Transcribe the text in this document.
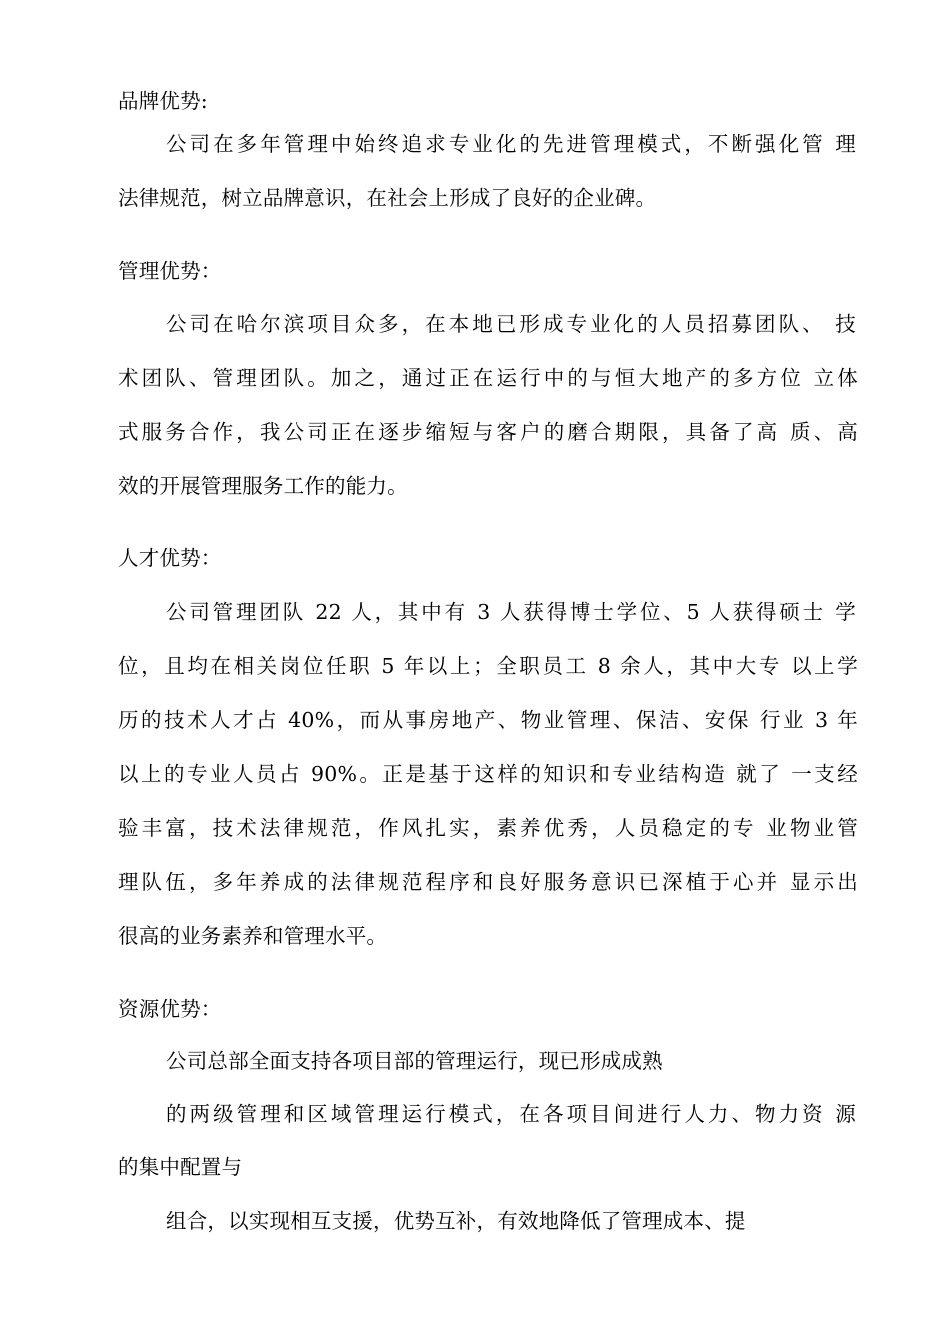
品牌优势:
公司在多年管理中始终追求专业化的先进管理模式，不断强化管 理
法律规范，树立品牌意识，在社会上形成了良好的企业碑。
管理优势：
公司在哈尔滨项目众多，在本地已形成专业化的人员招募团队、 技
术团队、管理团队。加之，通过正在运行中的与恒大地产的多方位 立体
式服务合作，我公司正在逐步缩短与客户的磨合期限，具备了高 质、高
效的开展管理服务工作的能力。
人才优势：
公司管理团队 22 人，其中有 3 人获得博士学位、5 人获得硕士 学
位，且均在相关岗位任职 5 年以上；全职员工 8 余人，其中大专 以上学
历的技术人才占 40%，而从事房地产、物业管理、保洁、安保 行业 3 年
以上的专业人员占 90%。正是基于这样的知识和专业结构造 就了 一支经
验丰富，技术法律规范，作风扎实，素养优秀，人员稳定的专 业物业管
理队伍，多年养成的法律规范程序和良好服务意识已深植于心并 显示出
很高的业务素养和管理水平。
资源优势：
公司总部全面支持各项目部的管理运行，现已形成成熟
的两级管理和区域管理运行模式，在各项目间进行人力、物力资 源
的集中配置与
组合，以实现相互支援，优势互补，有效地降低了管理成本、提
